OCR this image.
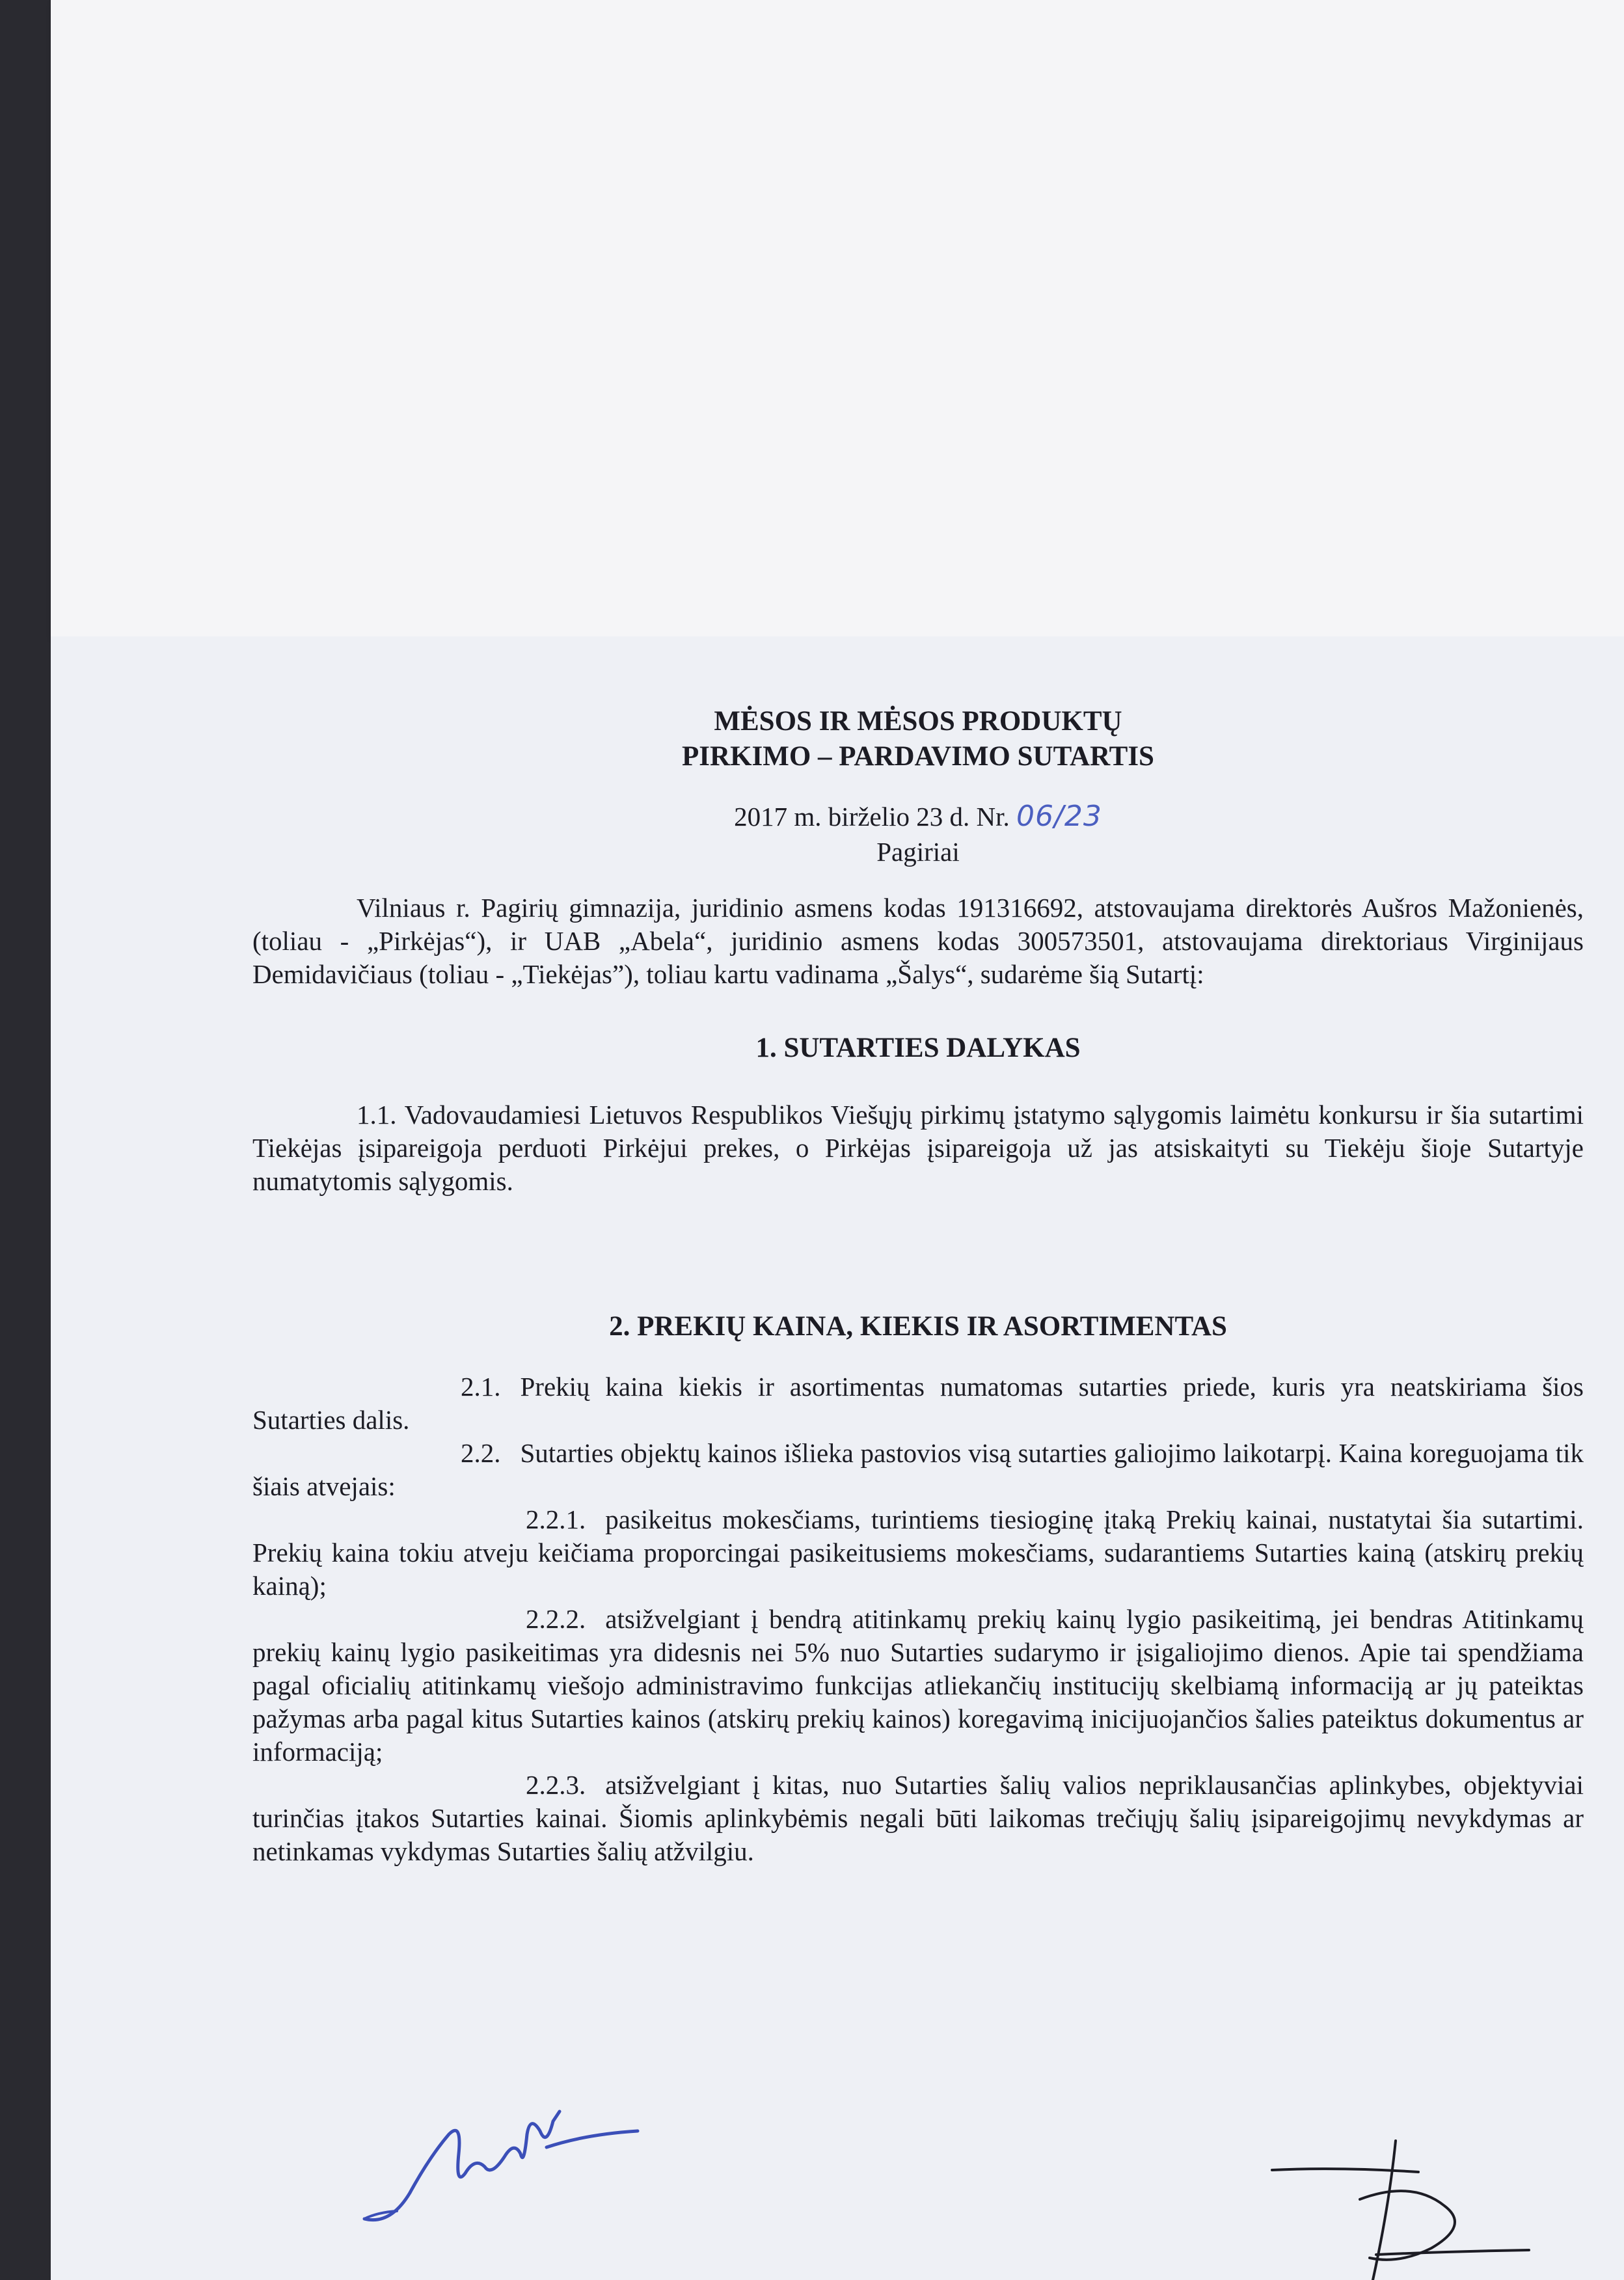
MĖSOS IR MĖSOS PRODUKTŲ
PIRKIMO – PARDAVIMO SUTARTIS
2017 m. birželio 23 d. Nr. 06/23
Pagiriai

Vilniaus r. Pagirių gimnazija, juridinio asmens kodas 191316692, atstovaujama direktorės Aušros Mažonienės, (toliau - „Pirkėjas“), ir UAB „Abela“, juridinio asmens kodas 300573501, atstovaujama direktoriaus Virginijaus Demidavičiaus (toliau - „Tiekėjas”), toliau kartu vadinama „Šalys“, sudarėme šią Sutartį:

1. SUTARTIES DALYKAS

1.1. Vadovaudamiesi Lietuvos Respublikos Viešųjų pirkimų įstatymo sąlygomis laimėtu konkursu ir šia sutartimi Tiekėjas įsipareigoja perduoti Pirkėjui prekes, o Pirkėjas įsipareigoja už jas atsiskaityti su Tiekėju šioje Sutartyje numatytomis sąlygomis.

2. PREKIŲ KAINA, KIEKIS IR ASORTIMENTAS

2.1. Prekių kaina kiekis ir asortimentas numatomas sutarties priede, kuris yra neatskiriama šios Sutarties dalis.

2.2. Sutarties objektų kainos išlieka pastovios visą sutarties galiojimo laikotarpį. Kaina koreguojama tik šiais atvejais:

2.2.1. pasikeitus mokesčiams, turintiems tiesioginę įtaką Prekių kainai, nustatytai šia sutartimi. Prekių kaina tokiu atveju keičiama proporcingai pasikeitusiems mokesčiams, sudarantiems Sutarties kainą (atskirų prekių kainą);

2.2.2. atsižvelgiant į bendrą atitinkamų prekių kainų lygio pasikeitimą, jei bendras Atitinkamų prekių kainų lygio pasikeitimas yra didesnis nei 5% nuo Sutarties sudarymo ir įsigaliojimo dienos. Apie tai spendžiama pagal oficialių atitinkamų viešojo administravimo funkcijas atliekančių institucijų skelbiamą informaciją ar jų pateiktas pažymas arba pagal kitus Sutarties kainos (atskirų prekių kainos) koregavimą inicijuojančios šalies pateiktus dokumentus ar informaciją;

2.2.3. atsižvelgiant į kitas, nuo Sutarties šalių valios nepriklausančias aplinkybes, objektyviai turinčias įtakos Sutarties kainai. Šiomis aplinkybėmis negali būti laikomas trečiųjų šalių įsipareigojimų nevykdymas ar netinkamas vykdymas Sutarties šalių atžvilgiu.
